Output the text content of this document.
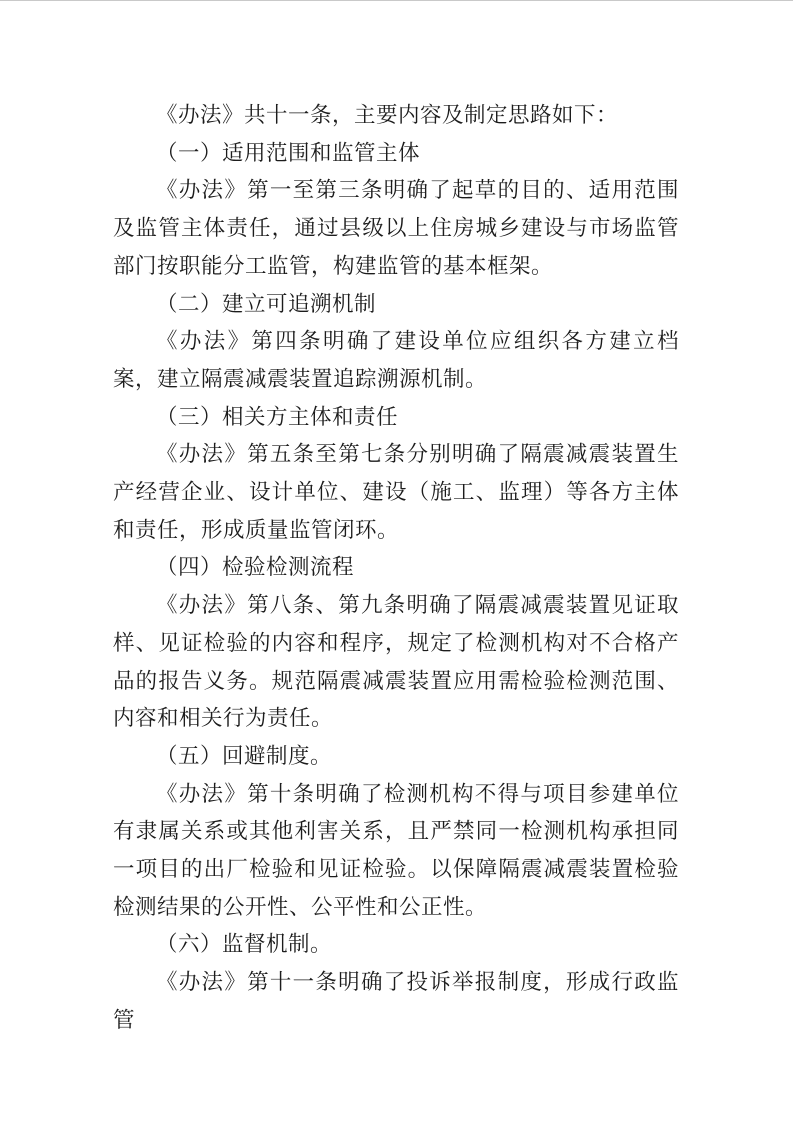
《办法》共十一条，主要内容及制定思路如下：

（一）适用范围和监管主体

《办法》第一至第三条明确了起草的目的、适用范围及监管主体责任，通过县级以上住房城乡建设与市场监管部门按职能分工监管，构建监管的基本框架。

（二）建立可追溯机制

《办法》第四条明确了建设单位应组织各方建立档案，建立隔震减震装置追踪溯源机制。

（三）相关方主体和责任

《办法》第五条至第七条分别明确了隔震减震装置生产经营企业、设计单位、建设（施工、监理）等各方主体和责任，形成质量监管闭环。

（四）检验检测流程

《办法》第八条、第九条明确了隔震减震装置见证取样、见证检验的内容和程序，规定了检测机构对不合格产品的报告义务。规范隔震减震装置应用需检验检测范围、内容和相关行为责任。

（五）回避制度。

《办法》第十条明确了检测机构不得与项目参建单位有隶属关系或其他利害关系，且严禁同一检测机构承担同一项目的出厂检验和见证检验。以保障隔震减震装置检验检测结果的公开性、公平性和公正性。

（六）监督机制。

《办法》第十一条明确了投诉举报制度，形成行政监管
